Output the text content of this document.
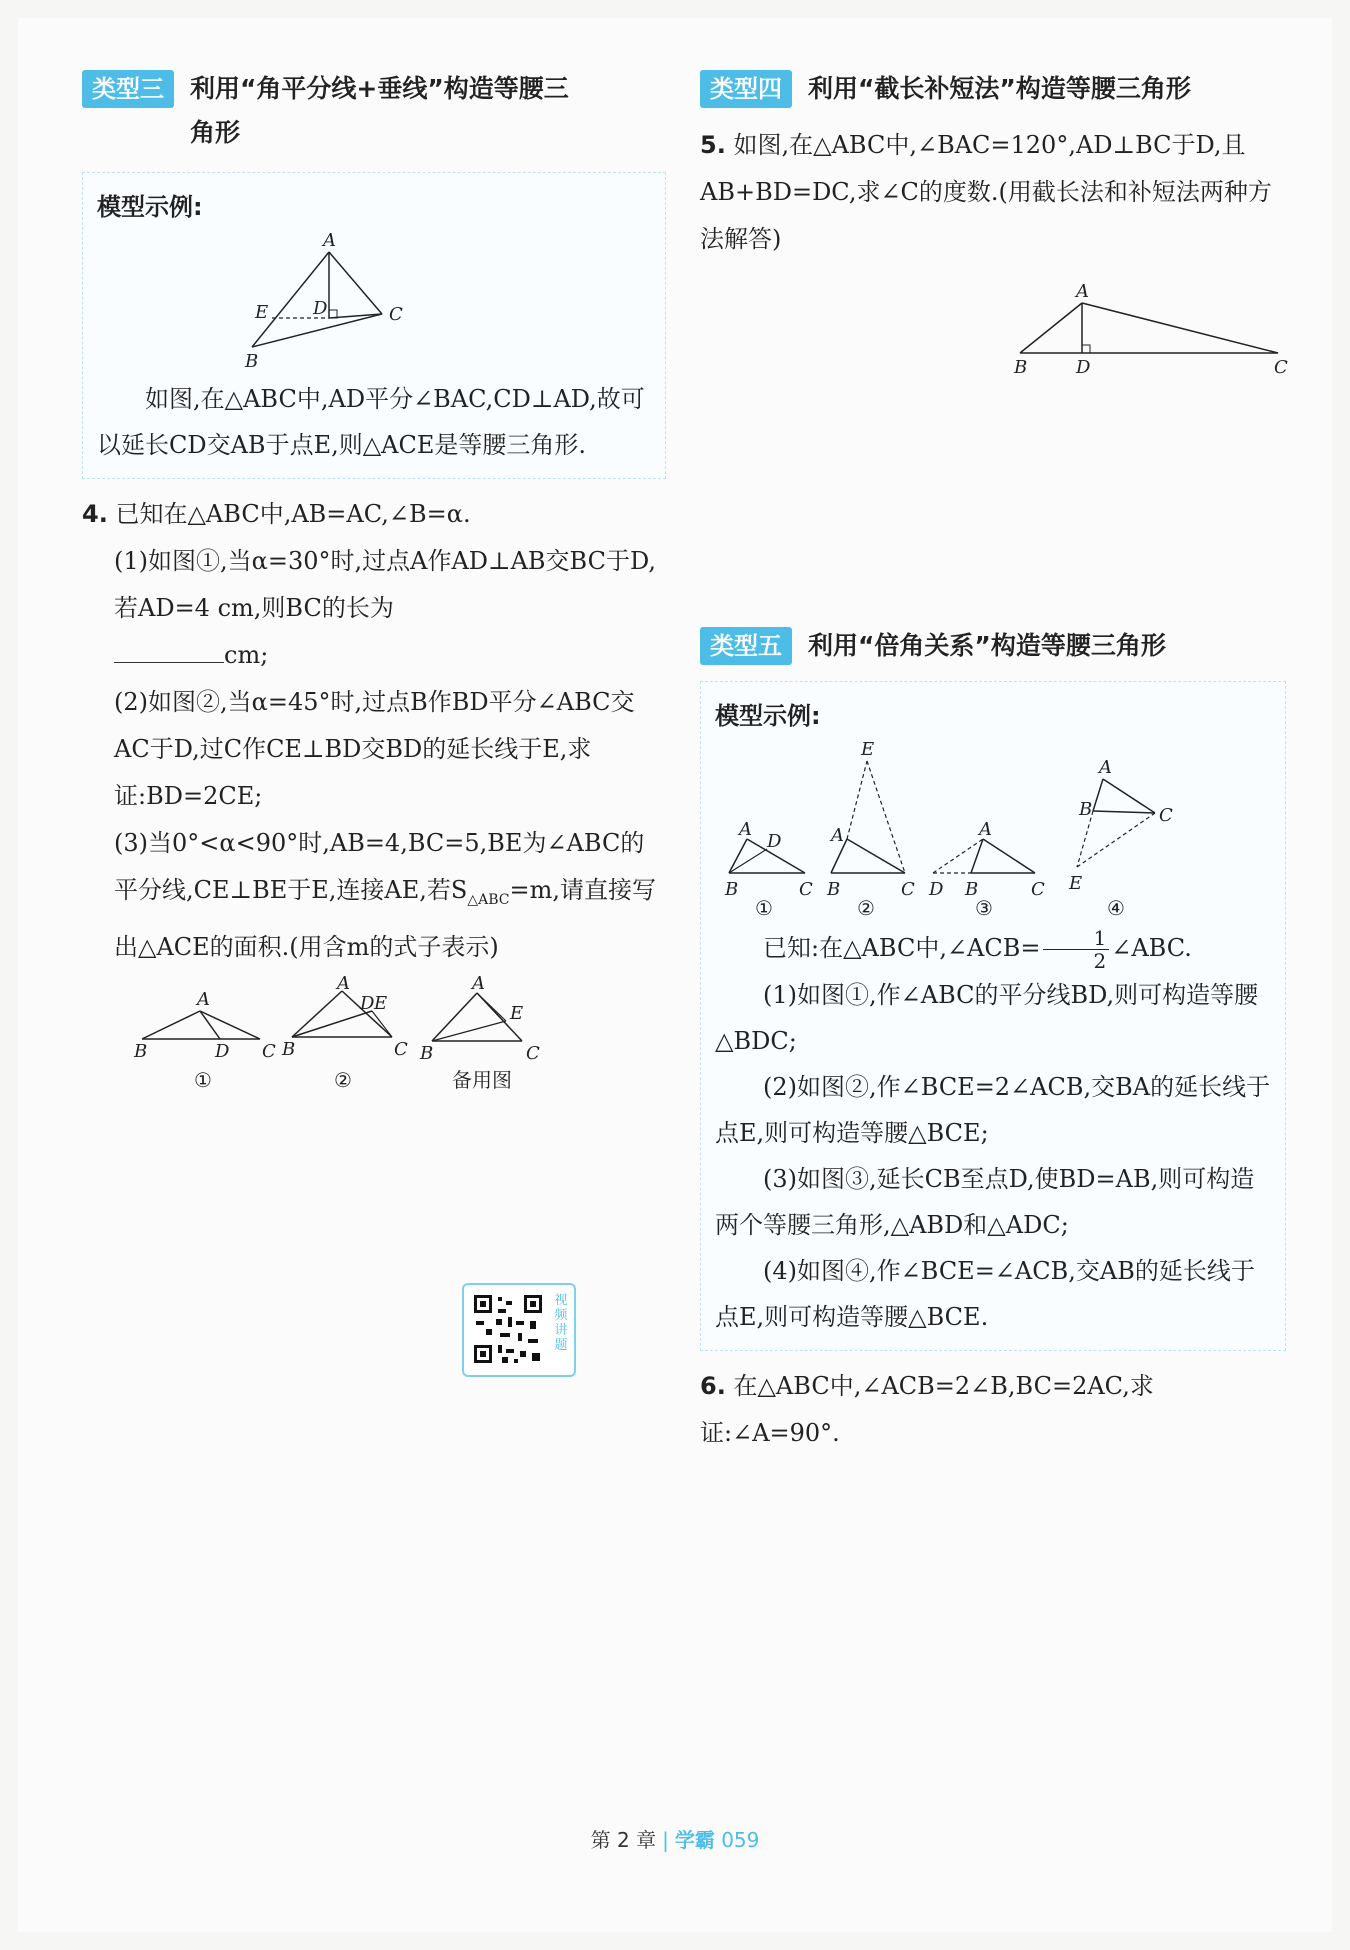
类型三	利用“角平分线+垂线”构造等腰三
角形
模型示例:
A
B
C
D
E
如图,在△ABC中,AD平分∠BAC,CD⊥AD,故可以延长CD交AB于点E,则△ACE是等腰三角形.
4. 已知在△ABC中,AB=AC,∠B=α.
(1)如图①,当α=30°时,过点A作AD⊥AB交BC于D,若AD=4 cm,则BC的长为
cm;
(2)如图②,当α=45°时,过点B作BD平分∠ABC交AC于D,过C作CE⊥BD交BD的延长线于E,求证:BD=2CE;
(3)当0°<α<90°时,AB=4,BC=5,BE为∠ABC的平分线,CE⊥BE于E,连接AE,若$S_{\triangle ABC}=m$,请直接写出△ACE的面积.(用含m的式子表示)
A
B	D C
①
A
B	C
D E
②
A
B	C
E
备用图
视频讲题
类型四	利用“截长补短法”构造等腰三角形
5. 如图,在△ABC中,∠BAC=120°,AD⊥BC于D,且AB+BD=DC,求∠C的度数.(用截长法和补短法两种方法解答)
A
B	D	C
类型五	利用“倍角关系”构造等腰三角形
模型示例:
A
D
B	C
①
E
A
B	C
②
A
D B	C
③
A
B	C
E
④
已知:在△ABC中,∠ACB= $\frac{1}{2}$ ∠ABC.
(1)如图①,作∠ABC的平分线BD,则可构造等腰△BDC;
(2)如图②,作∠BCE=2∠ACB,交BA的延长线于点E,则可构造等腰△BCE;
(3)如图③,延长CB至点D,使BD=AB,则可构造两个等腰三角形,△ABD和△ADC;
(4)如图④,作∠BCE=∠ACB,交AB的延长线于点E,则可构造等腰△BCE.
6. 在△ABC中,∠ACB=2∠B,BC=2AC,求证:∠A=90°.
第 2 章 | 学霸 059
